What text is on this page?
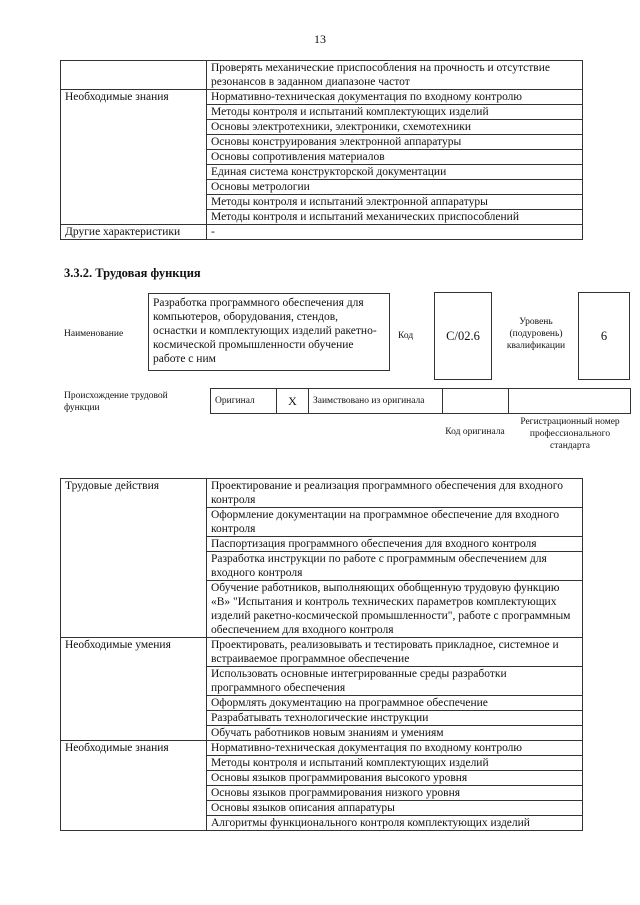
13
	Проверять механические приспособления на прочность и отсутствие резонансов в заданном диапазоне частот
Необходимые знания	Нормативно-техническая документация по входному контролю
	Методы контроля и испытаний комплектующих изделий
	Основы электротехники, электроники, схемотехники
	Основы конструирования электронной аппаратуры
	Основы сопротивления материалов
	Единая система конструкторской документации
	Основы метрологии
	Методы контроля и испытаний электронной аппаратуры
	Методы контроля и испытаний механических приспособлений
Другие характеристики	-
3.3.2. Трудовая функция
Наименование
Разработка программного обеспечения для компьютеров, оборудования, стендов, оснастки и комплектующих изделий ракетно-космической промышленности обучение работе с ним
Код	C/02.6
Уровень (подуровень) квалификации
6
Происхождение трудовой функции
Оригинал	X	Заимствовано из оригинала		
Код оригинала
Регистрационный номер профессионального стандарта
Трудовые действия	Проектирование и реализация программного обеспечения для входного контроля
	Оформление документации на программное обеспечение для входного контроля
	Паспортизация программного обеспечения для входного контроля
	Разработка инструкции по работе с программным обеспечением для входного контроля
	Обучение работников, выполняющих обобщенную трудовую функцию «В» "Испытания и контроль технических параметров комплектующих изделий ракетно-космической промышленности", работе с программным обеспечением для входного контроля
Необходимые умения	Проектировать, реализовывать и тестировать прикладное, системное и встраиваемое программное обеспечение
	Использовать основные интегрированные среды разработки программного обеспечения
	Оформлять документацию на программное обеспечение
	Разрабатывать технологические инструкции
	Обучать работников новым знаниям и умениям
Необходимые знания	Нормативно-техническая документация по входному контролю
	Методы контроля и испытаний комплектующих изделий
	Основы языков программирования высокого уровня
	Основы языков программирования низкого уровня
	Основы языков описания аппаратуры
	Алгоритмы функционального контроля комплектующих изделий
